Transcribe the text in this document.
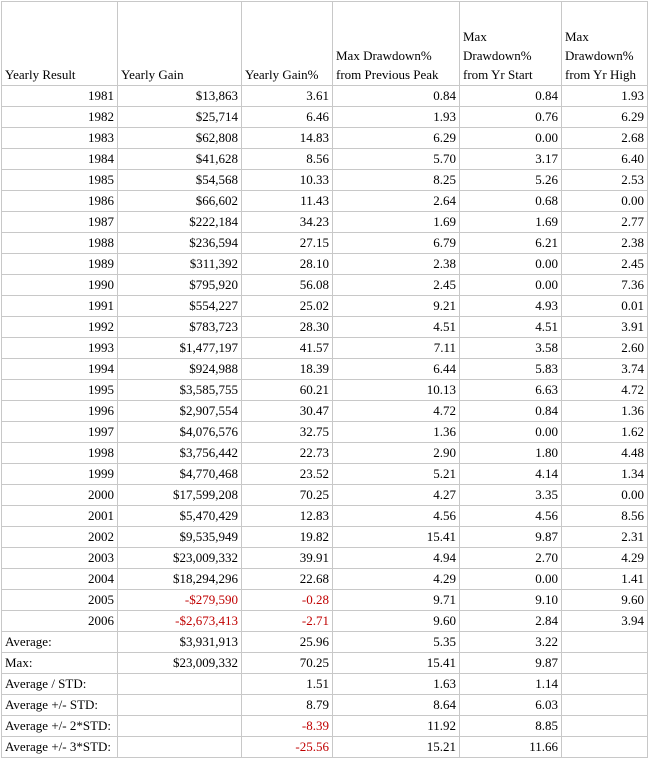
Yearly Result	Yearly Gain	Yearly Gain%	Max Drawdown% from Previous Peak	Max Drawdown% from Yr Start	Max Drawdown% from Yr High
1981	$13,863	3.61	0.84	0.84	1.93
1982	$25,714	6.46	1.93	0.76	6.29
1983	$62,808	14.83	6.29	0.00	2.68
1984	$41,628	8.56	5.70	3.17	6.40
1985	$54,568	10.33	8.25	5.26	2.53
1986	$66,602	11.43	2.64	0.68	0.00
1987	$222,184	34.23	1.69	1.69	2.77
1988	$236,594	27.15	6.79	6.21	2.38
1989	$311,392	28.10	2.38	0.00	2.45
1990	$795,920	56.08	2.45	0.00	7.36
1991	$554,227	25.02	9.21	4.93	0.01
1992	$783,723	28.30	4.51	4.51	3.91
1993	$1,477,197	41.57	7.11	3.58	2.60
1994	$924,988	18.39	6.44	5.83	3.74
1995	$3,585,755	60.21	10.13	6.63	4.72
1996	$2,907,554	30.47	4.72	0.84	1.36
1997	$4,076,576	32.75	1.36	0.00	1.62
1998	$3,756,442	22.73	2.90	1.80	4.48
1999	$4,770,468	23.52	5.21	4.14	1.34
2000	$17,599,208	70.25	4.27	3.35	0.00
2001	$5,470,429	12.83	4.56	4.56	8.56
2002	$9,535,949	19.82	15.41	9.87	2.31
2003	$23,009,332	39.91	4.94	2.70	4.29
2004	$18,294,296	22.68	4.29	0.00	1.41
2005	-$279,590	-0.28	9.71	9.10	9.60
2006	-$2,673,413	-2.71	9.60	2.84	3.94
Average:	$3,931,913	25.96	5.35	3.22	
Max:	$23,009,332	70.25	15.41	9.87	
Average / STD:		1.51	1.63	1.14	
Average +/- STD:		8.79	8.64	6.03	
Average +/- 2*STD:		-8.39	11.92	8.85	
Average +/- 3*STD:		-25.56	15.21	11.66	
